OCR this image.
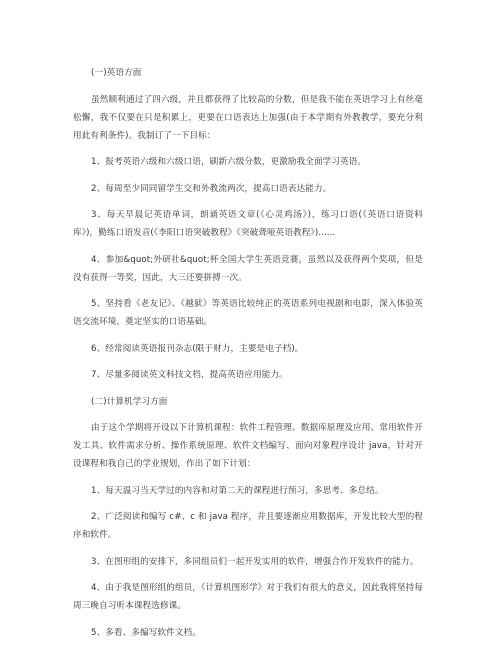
(一)英语方面

虽然顺利通过了四六级，并且都获得了比较高的分数，但是我不能在英语学习上有丝毫松懈，我不仅要在只是积累上，更要在口语表达上加强(由于本学期有外教教学，要充分利用此有利条件)。我制订了一下目标：

1、报考英语六级和六级口语，刷新六级分数，更激励我全面学习英语。

2、每周至少同同留学生交和外教流两次，提高口语表达能力。

3、每天早晨记英语单词，朗诵英语文章(《心灵鸡汤》)，练习口语(《英语口语资料库》)，勤练口语发音(《李阳口语突破教程》《突破聋哑英语教程》)......

4、参加&quot;外研社&quot;杯全国大学生英语竞赛，虽然以及获得两个奖项，但是没有获得一等奖，因此，大三还要拼搏一次。

5、坚持看《老友记》、《越狱》等英语比较纯正的英语系列电视剧和电影，深入体验英语交流环境，奠定坚实的口语基础。

6、经常阅读英语报刊杂志(限于财力，主要是电子档)。

7、尽量多阅读英文科技文档，提高英语应用能力。

(二)计算机学习方面

由于这个学期将开设以下计算机课程：软件工程管理、数据库原理及应用、常用软件开发工具、软件需求分析、操作系统原理、软件文档编写、面向对象程序设计 java，针对开设课程和我自己的学业规划，作出了如下计划：

1、每天温习当天学过的内容和对第二天的课程进行预习，多思考、多总结。

2、广泛阅读和编写 c#、c 和 java 程序，并且要逐渐应用数据库，开发比较大型的程序和软件。

3、在图形组的安排下，多同组员们一起开发实用的软件，增强合作开发软件的能力。

4、由于我是图形组的组员，《计算机图形学》对于我们有很大的意义，因此我将坚持每周三晚自习听本课程选修课。

5、多看、多编写软件文档。
